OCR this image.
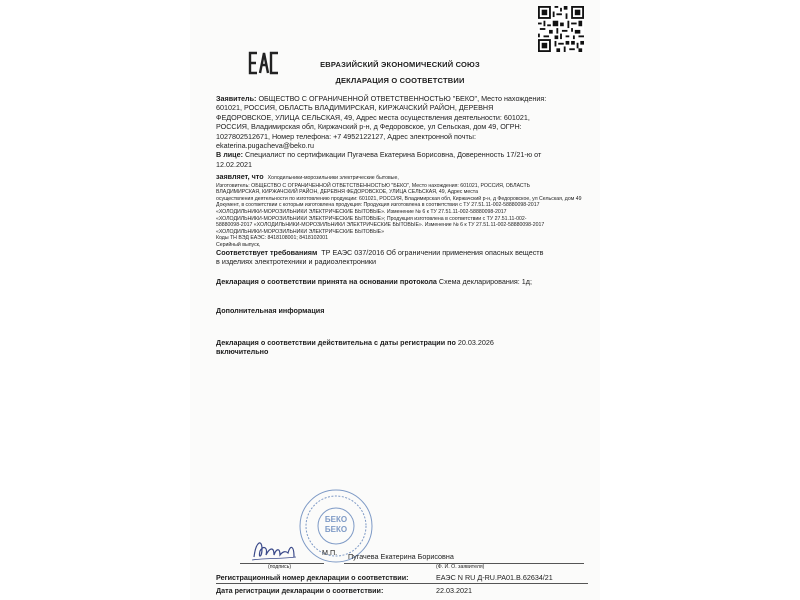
ЕВРАЗИЙСКИЙ ЭКОНОМИЧЕСКИЙ СОЮЗ
ДЕКЛАРАЦИЯ О СООТВЕТСТВИИ
Заявитель: ОБЩЕСТВО С ОГРАНИЧЕННОЙ ОТВЕТСТВЕННОСТЬЮ "БЕКО", Место нахождения:
601021, РОССИЯ, ОБЛАСТЬ ВЛАДИМИРСКАЯ, КИРЖАЧСКИЙ РАЙОН, ДЕРЕВНЯ
ФЕДОРОВСКОЕ, УЛИЦА СЕЛЬСКАЯ, 49, Адрес места осуществления деятельности: 601021,
РОССИЯ, Владимирская обл, Киржачский р-н, д Федоровское, ул Сельская, дом 49, ОГРН:
1027802512671, Номер телефона: +7 4952122127, Адрес электронной почты:
ekaterina.pugacheva@beko.ru
В лице: Специалист по сертификации Пугачева Екатерина Борисовна, Доверенность 17/21-ю от
12.02.2021
заявляет, что Холодильники-морозильники электрические бытовые,
Изготовитель: ОБЩЕСТВО С ОГРАНИЧЕННОЙ ОТВЕТСТВЕННОСТЬЮ "БЕКО", Место нахождения: 601021, РОССИЯ, ОБЛАСТЬ
ВЛАДИМИРСКАЯ, КИРЖАЧСКИЙ РАЙОН, ДЕРЕВНЯ ФЕДОРОВСКОЕ, УЛИЦА СЕЛЬСКАЯ, 49, Адрес места
осуществления деятельности по изготовлению продукции: 601021, РОССИЯ, Владимирская обл, Киржачский р-н, д Федоровское, ул Сельская, дом 49
Документ, в соответствии с которым изготовлена продукция: Продукция изготовлена в соответствии с ТУ 27.51.11-002-58880098-2017
«ХОЛОДИЛЬНИКИ-МОРОЗИЛЬНИКИ ЭЛЕКТРИЧЕСКИЕ БЫТОВЫЕ». Изменение № 6 к ТУ 27.51.11-002-58880098-2017
«ХОЛОДИЛЬНИКИ-МОРОЗИЛЬНИКИ ЭЛЕКТРИЧЕСКИЕ БЫТОВЫЕ»; Продукция изготовлена в соответствии с ТУ 27.51.11-002-
58880098-2017 «ХОЛОДИЛЬНИКИ-МОРОЗИЛЬНИКИ ЭЛЕКТРИЧЕСКИЕ БЫТОВЫЕ». Изменение № 6 к ТУ 27.51.11-002-58880098-2017
«ХОЛОДИЛЬНИКИ-МОРОЗИЛЬНИКИ ЭЛЕКТРИЧЕСКИЕ БЫТОВЫЕ»
Коды ТН ВЭД ЕАЭС: 8418108001; 8418102001
Серийный выпуск,
Соответствует требованиям ТР ЕАЭС 037/2016 Об ограничении применения опасных веществ
в изделиях электротехники и радиоэлектроники
Декларация о соответствии принята на основании протокола Схема декларирования: 1д;
Дополнительная информация
Декларация о соответствии действительна с даты регистрации по 20.03.2026
включительно
БЕКО
БЕКО
М.П. Пугачева Екатерина Борисовна
(подпись)	(Ф. И. О. заявителя)
Регистрационный номер декларации о соответствии:	ЕАЭС N RU Д-RU.PA01.B.62634/21
Дата регистрации декларации о соответствии:	22.03.2021
